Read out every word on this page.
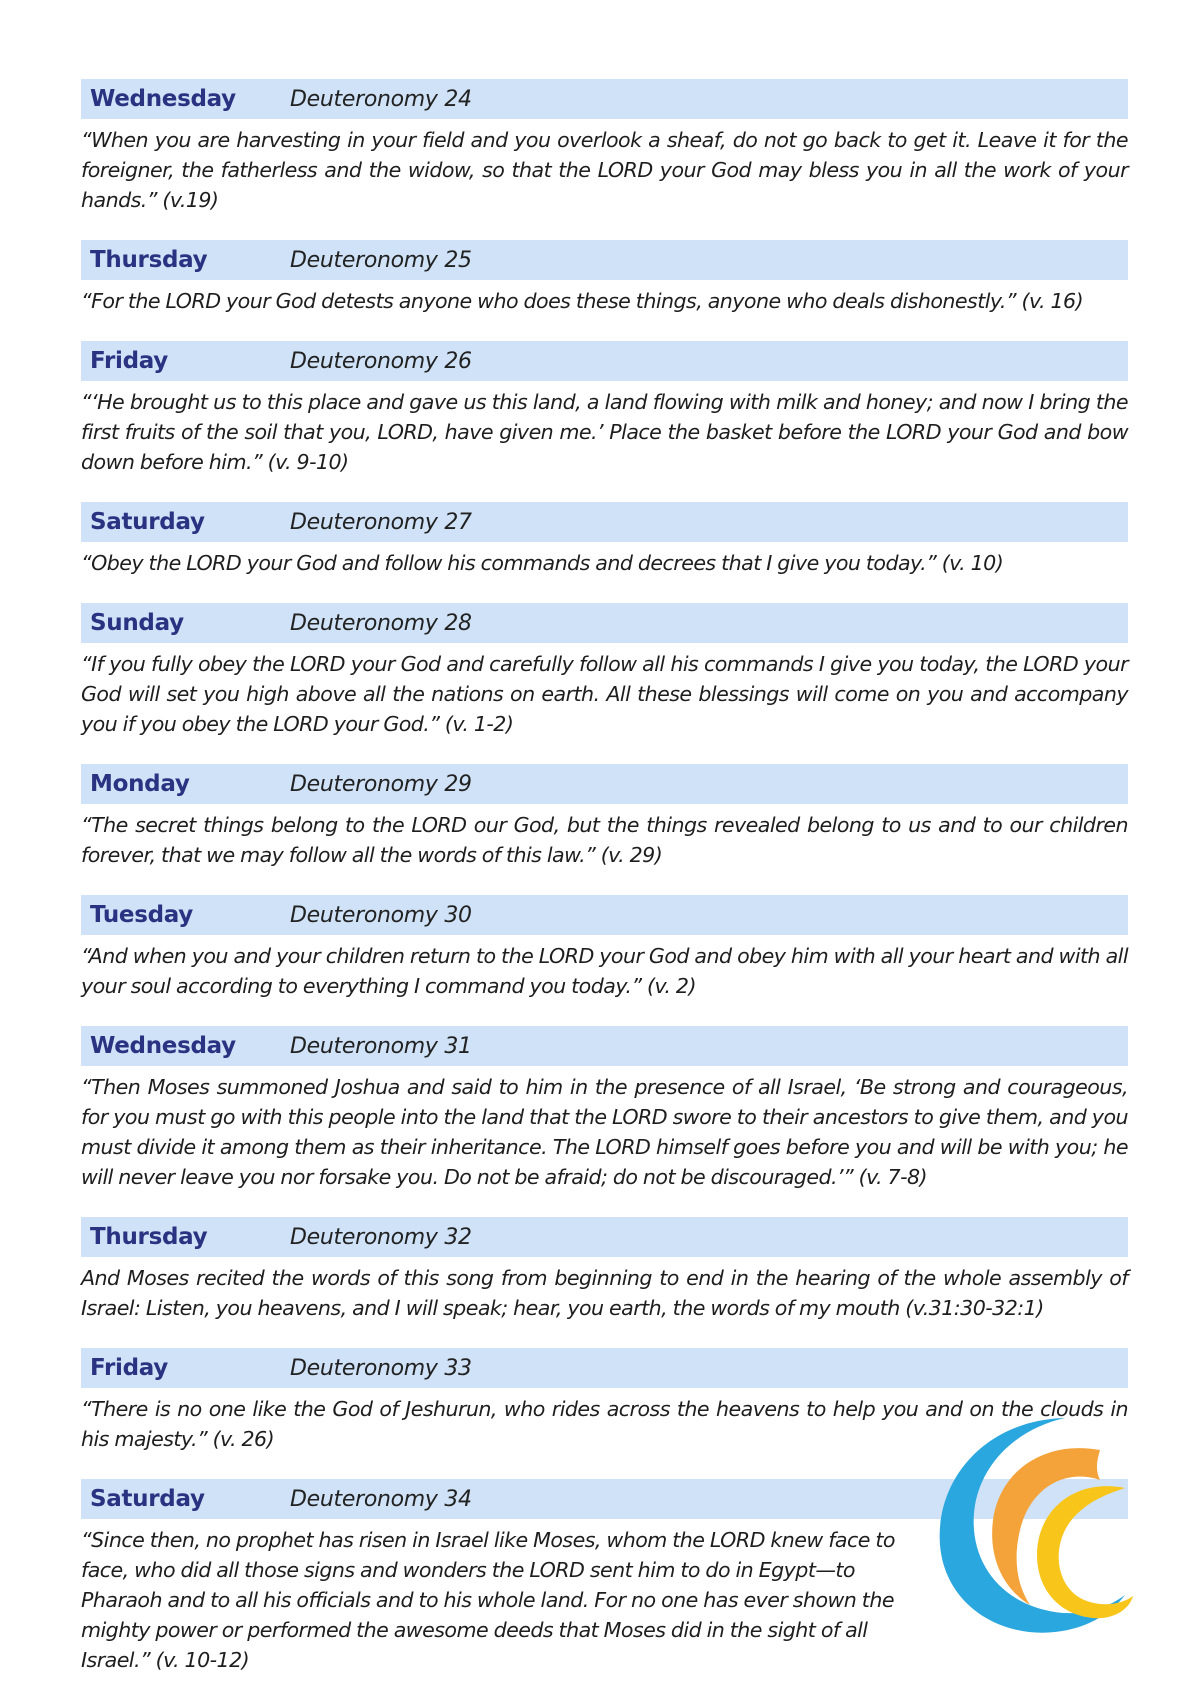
Wednesday	Deuteronomy 24

“When you are harvesting in your field and you overlook a sheaf, do not go back to get it. Leave it for the foreigner, the fatherless and the widow, so that the LORD your God may bless you in all the work of your hands.” (v.19)

Thursday	Deuteronomy 25

“For the LORD your God detests anyone who does these things, anyone who deals dishonestly.” (v. 16)

Friday	Deuteronomy 26

“‘He brought us to this place and gave us this land, a land flowing with milk and honey; and now I bring the first fruits of the soil that you, LORD, have given me.’ Place the basket before the LORD your God and bow down before him.” (v. 9-10)

Saturday	Deuteronomy 27

“Obey the LORD your God and follow his commands and decrees that I give you today.” (v. 10)

Sunday	Deuteronomy 28

“If you fully obey the LORD your God and carefully follow all his commands I give you today, the LORD your God will set you high above all the nations on earth. All these blessings will come on you and accompany you if you obey the LORD your God.” (v. 1-2)

Monday	Deuteronomy 29

“The secret things belong to the LORD our God, but the things revealed belong to us and to our children forever, that we may follow all the words of this law.” (v. 29)

Tuesday	Deuteronomy 30

“And when you and your children return to the LORD your God and obey him with all your heart and with all your soul according to everything I command you today.” (v. 2)

Wednesday	Deuteronomy 31

“Then Moses summoned Joshua and said to him in the presence of all Israel, ‘Be strong and courageous, for you must go with this people into the land that the LORD swore to their ancestors to give them, and you must divide it among them as their inheritance. The LORD himself goes before you and will be with you; he will never leave you nor forsake you. Do not be afraid; do not be discouraged.’” (v. 7-8)

Thursday	Deuteronomy 32

And Moses recited the words of this song from beginning to end in the hearing of the whole assembly of Israel: Listen, you heavens, and I will speak; hear, you earth, the words of my mouth (v.31:30-32:1)

Friday	Deuteronomy 33

“There is no one like the God of Jeshurun, who rides across the heavens to help you and on the clouds in his majesty.” (v. 26)

Saturday	Deuteronomy 34

“Since then, no prophet has risen in Israel like Moses, whom the LORD knew face to face, who did all those signs and wonders the LORD sent him to do in Egypt—to Pharaoh and to all his officials and to his whole land. For no one has ever shown the mighty power or performed the awesome deeds that Moses did in the sight of all Israel.” (v. 10-12)
